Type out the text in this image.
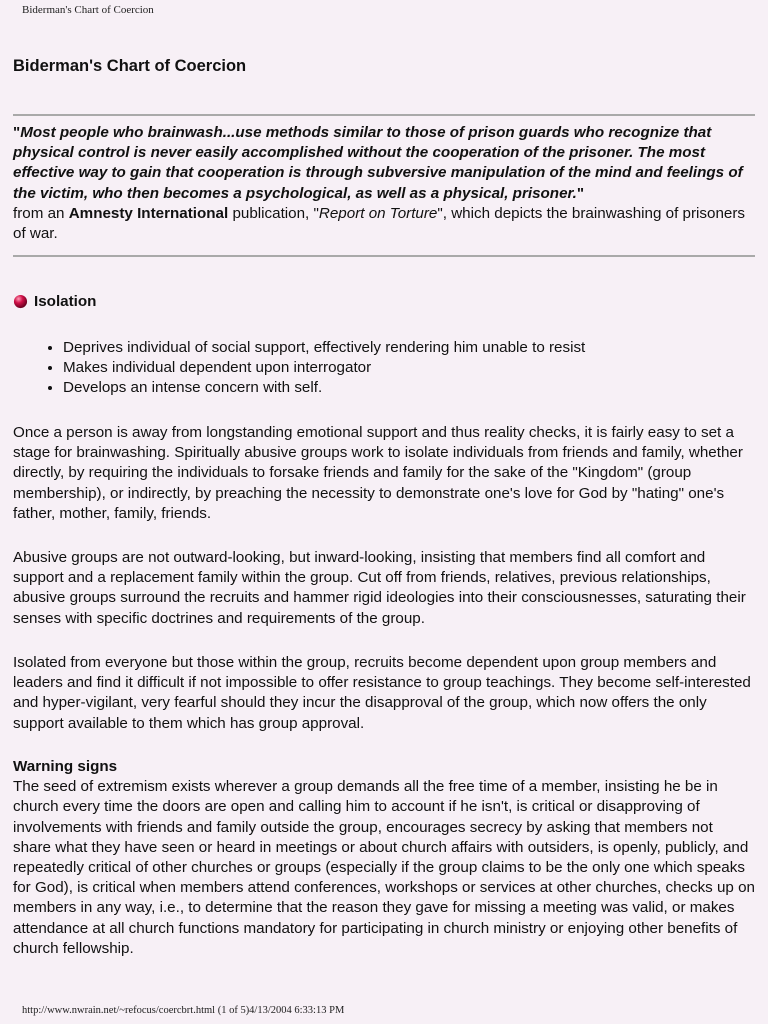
Biderman's Chart of Coercion
Biderman's Chart of Coercion

"Most people who brainwash...use methods similar to those of prison guards who recognize that physical control is never easily accomplished without the cooperation of the prisoner. The most effective way to gain that cooperation is through subversive manipulation of the mind and feelings of the victim, who then becomes a psychological, as well as a physical, prisoner."

from an Amnesty International publication, "Report on Torture", which depicts the brainwashing of prisoners of war.

Isolation
• Deprives individual of social support, effectively rendering him unable to resist
• Makes individual dependent upon interrogator
• Develops an intense concern with self.

Once a person is away from longstanding emotional support and thus reality checks, it is fairly easy to set a stage for brainwashing. Spiritually abusive groups work to isolate individuals from friends and family, whether directly, by requiring the individuals to forsake friends and family for the sake of the "Kingdom" (group membership), or indirectly, by preaching the necessity to demonstrate one's love for God by "hating" one's father, mother, family, friends.

Abusive groups are not outward-looking, but inward-looking, insisting that members find all comfort and support and a replacement family within the group. Cut off from friends, relatives, previous relationships, abusive groups surround the recruits and hammer rigid ideologies into their consciousnesses, saturating their senses with specific doctrines and requirements of the group.

Isolated from everyone but those within the group, recruits become dependent upon group members and leaders and find it difficult if not impossible to offer resistance to group teachings. They become self-interested and hyper-vigilant, very fearful should they incur the disapproval of the group, which now offers the only support available to them which has group approval.

Warning signs

The seed of extremism exists wherever a group demands all the free time of a member, insisting he be in church every time the doors are open and calling him to account if he isn't, is critical or disapproving of involvements with friends and family outside the group, encourages secrecy by asking that members not share what they have seen or heard in meetings or about church affairs with outsiders, is openly, publicly, and repeatedly critical of other churches or groups (especially if the group claims to be the only one which speaks for God), is critical when members attend conferences, workshops or services at other churches, checks up on members in any way, i.e., to determine that the reason they gave for missing a meeting was valid, or makes attendance at all church functions mandatory for participating in church ministry or enjoying other benefits of church fellowship.

http://www.nwrain.net/~refocus/coercbrt.html (1 of 5)4/13/2004 6:33:13 PM
